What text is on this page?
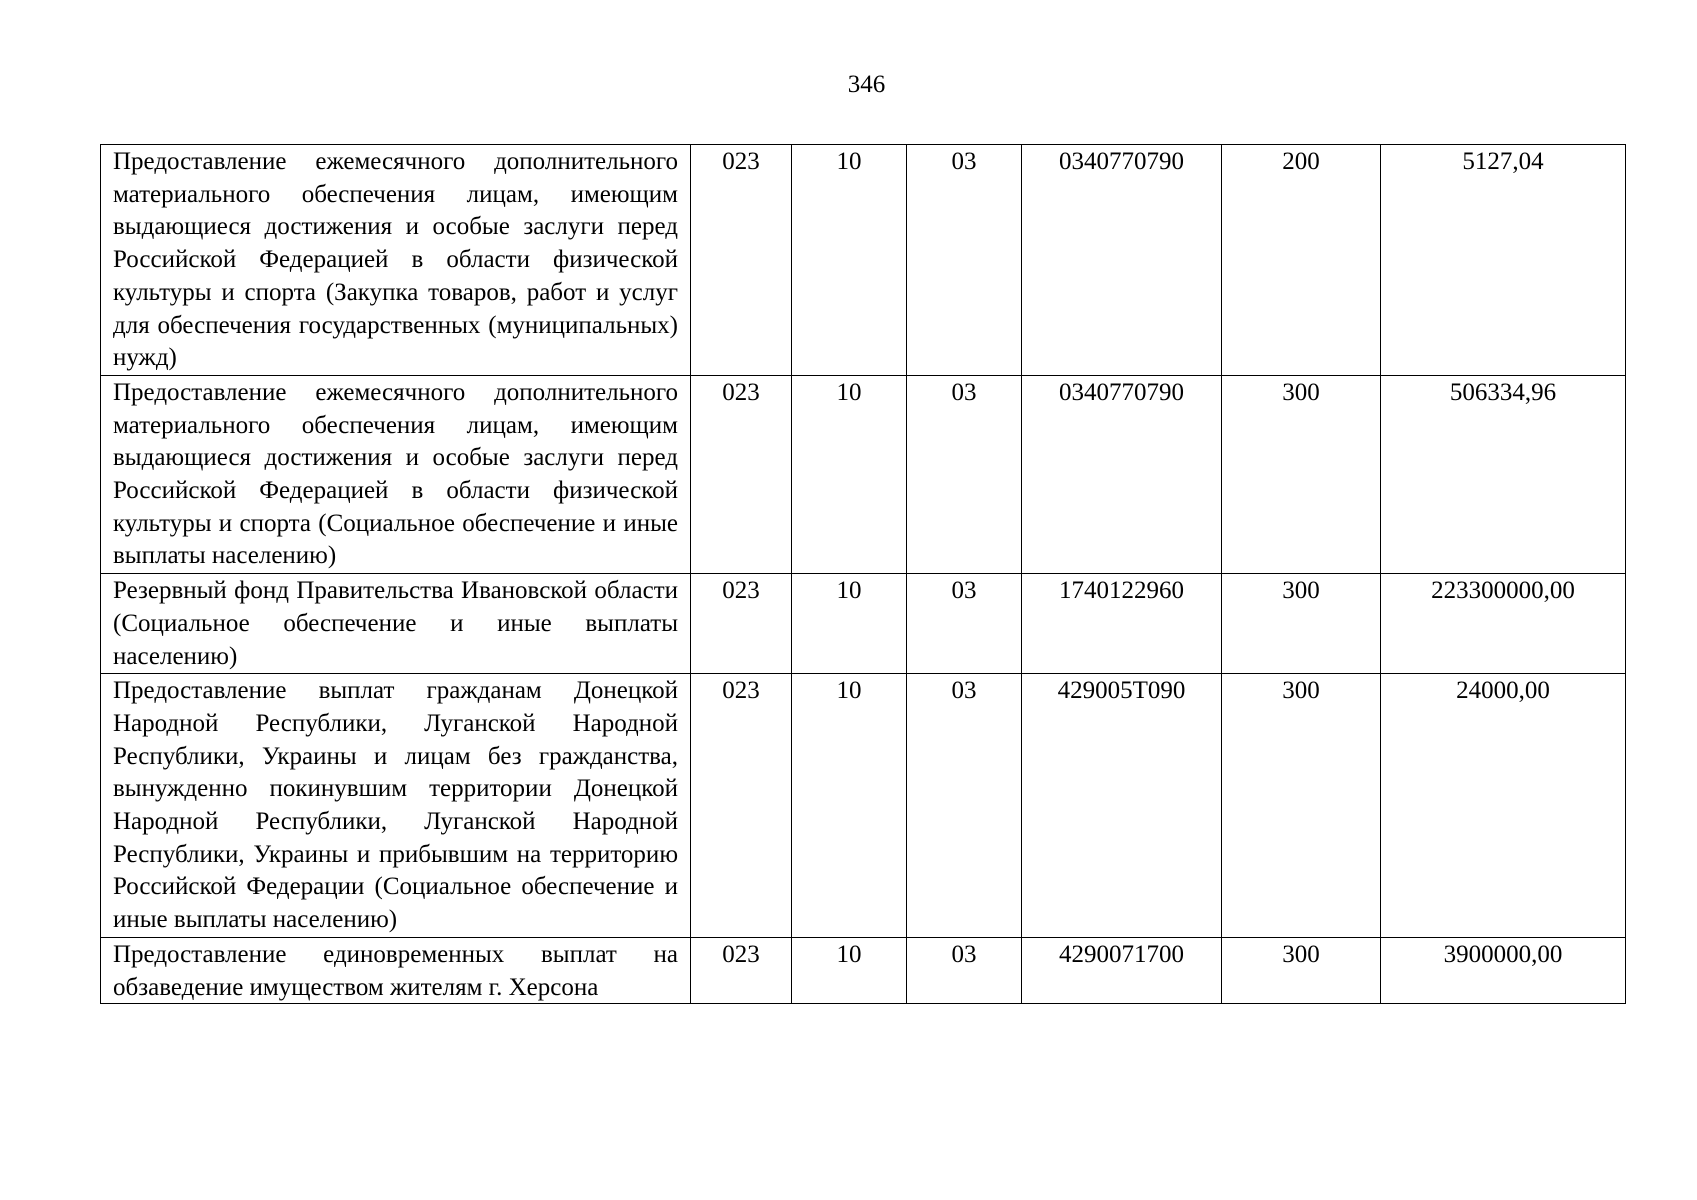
346
Предоставление ежемесячного дополнительного материального обеспечения лицам, имеющим выдающиеся достижения и особые заслуги перед Российской Федерацией в области физической культуры и спорта (Закупка товаров, работ и услуг для обеспечения государственных (муниципальных) нужд)	023	10	03	0340770790	200	5127,04
Предоставление ежемесячного дополнительного материального обеспечения лицам, имеющим выдающиеся достижения и особые заслуги перед Российской Федерацией в области физической культуры и спорта (Социальное обеспечение и иные выплаты населению)	023	10	03	0340770790	300	506334,96
Резервный фонд Правительства Ивановской области (Социальное обеспечение и иные выплаты населению)	023	10	03	1740122960	300	223300000,00
Предоставление выплат гражданам Донецкой Народной Республики, Луганской Народной Республики, Украины и лицам без гражданства, вынужденно покинувшим территории Донецкой Народной Республики, Луганской Народной Республики, Украины и прибывшим на территорию Российской Федерации (Социальное обеспечение и иные выплаты населению)	023	10	03	429005Т090	300	24000,00

Предоставление единовременных выплат на обзаведение имуществом жителям г. Херсона	023	10	03	4290071700	300	3900000,00
